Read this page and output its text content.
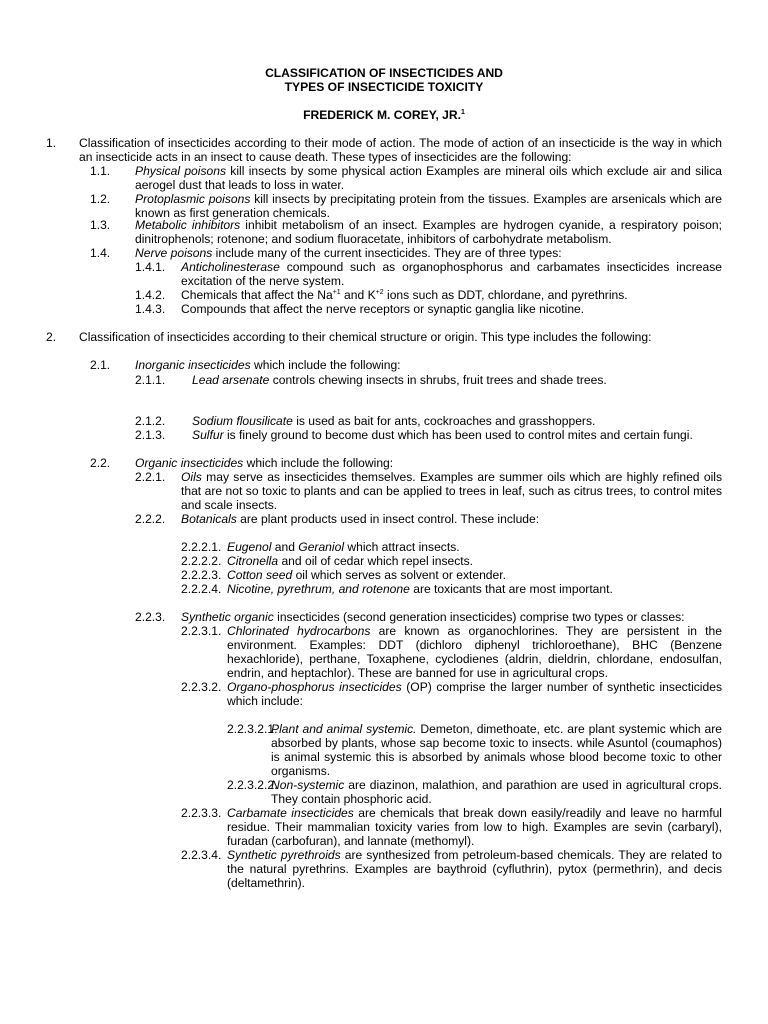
CLASSIFICATION OF INSECTICIDES AND
TYPES OF INSECTICIDE TOXICITY
FREDERICK M. COREY, JR.$^1$
1. Classification of insecticides according to their mode of action. The mode of action of an insecticide is the way in which an insecticide acts in an insect to cause death. These types of insecticides are the following:
1.1. Physical poisons kill insects by some physical action Examples are mineral oils which exclude air and silica aerogel dust that leads to loss in water.
1.2. Protoplasmic poisons kill insects by precipitating protein from the tissues. Examples are arsenicals which are known as first generation chemicals.
1.3. Metabolic inhibitors inhibit metabolism of an insect. Examples are hydrogen cyanide, a respiratory poison; dinitrophenols; rotenone; and sodium fluoracetate, inhibitors of carbohydrate metabolism.
1.4. Nerve poisons include many of the current insecticides. They are of three types:
1.4.1. Anticholinesterase compound such as organophosphorus and carbamates insecticides increase excitation of the nerve system.
1.4.2. Chemicals that affect the $Na^{+1}$ and $K^{+2}$ ions such as DDT, chlordane, and pyrethrins.
1.4.3. Compounds that affect the nerve receptors or synaptic ganglia like nicotine.
2. Classification of insecticides according to their chemical structure or origin. This type includes the following:
2.1. Inorganic insecticides which include the following:
2.1.1. Lead arsenate controls chewing insects in shrubs, fruit trees and shade trees.
2.1.2. Sodium flousilicate is used as bait for ants, cockroaches and grasshoppers.
2.1.3. Sulfur is finely ground to become dust which has been used to control mites and certain fungi.
2.2. Organic insecticides which include the following:
2.2.1. Oils may serve as insecticides themselves. Examples are summer oils which are highly refined oils that are not so toxic to plants and can be applied to trees in leaf, such as citrus trees, to control mites and scale insects.
2.2.2. Botanicals are plant products used in insect control. These include:
2.2.2.1. Eugenol and Geraniol which attract insects.
2.2.2.2. Citronella and oil of cedar which repel insects.
2.2.2.3. Cotton seed oil which serves as solvent or extender.
2.2.2.4. Nicotine, pyrethrum, and rotenone are toxicants that are most important.
2.2.3. Synthetic organic insecticides (second generation insecticides) comprise two types or classes:
2.2.3.1. Chlorinated hydrocarbons are known as organochlorines. They are persistent in the environment. Examples: DDT (dichloro diphenyl trichloroethane), BHC (Benzene hexachloride), perthane, Toxaphene, cyclodienes (aldrin, dieldrin, chlordane, endosulfan, endrin, and heptachlor). These are banned for use in agricultural crops.
2.2.3.2. Organo-phosphorus insecticides (OP) comprise the larger number of synthetic insecticides which include:
2.2.3.2.1.
Plant and animal systemic. Demeton, dimethoate, etc. are plant systemic which are absorbed by plants, whose sap become toxic to insects. while Asuntol (coumaphos) is animal systemic this is absorbed by animals whose blood become toxic to other organisms.
2.2.3.2.2.
Non-systemic are diazinon, malathion, and parathion are used in agricultural crops. They contain phosphoric acid.
2.2.3.3. Carbamate insecticides are chemicals that break down easily/readily and leave no harmful residue. Their mammalian toxicity varies from low to high. Examples are sevin (carbaryl), furadan (carbofuran), and lannate (methomyl).
2.2.3.4. Synthetic pyrethroids are synthesized from petroleum-based chemicals. They are related to the natural pyrethrins. Examples are baythroid (cyfluthrin), pytox (permethrin), and decis (deltamethrin).
